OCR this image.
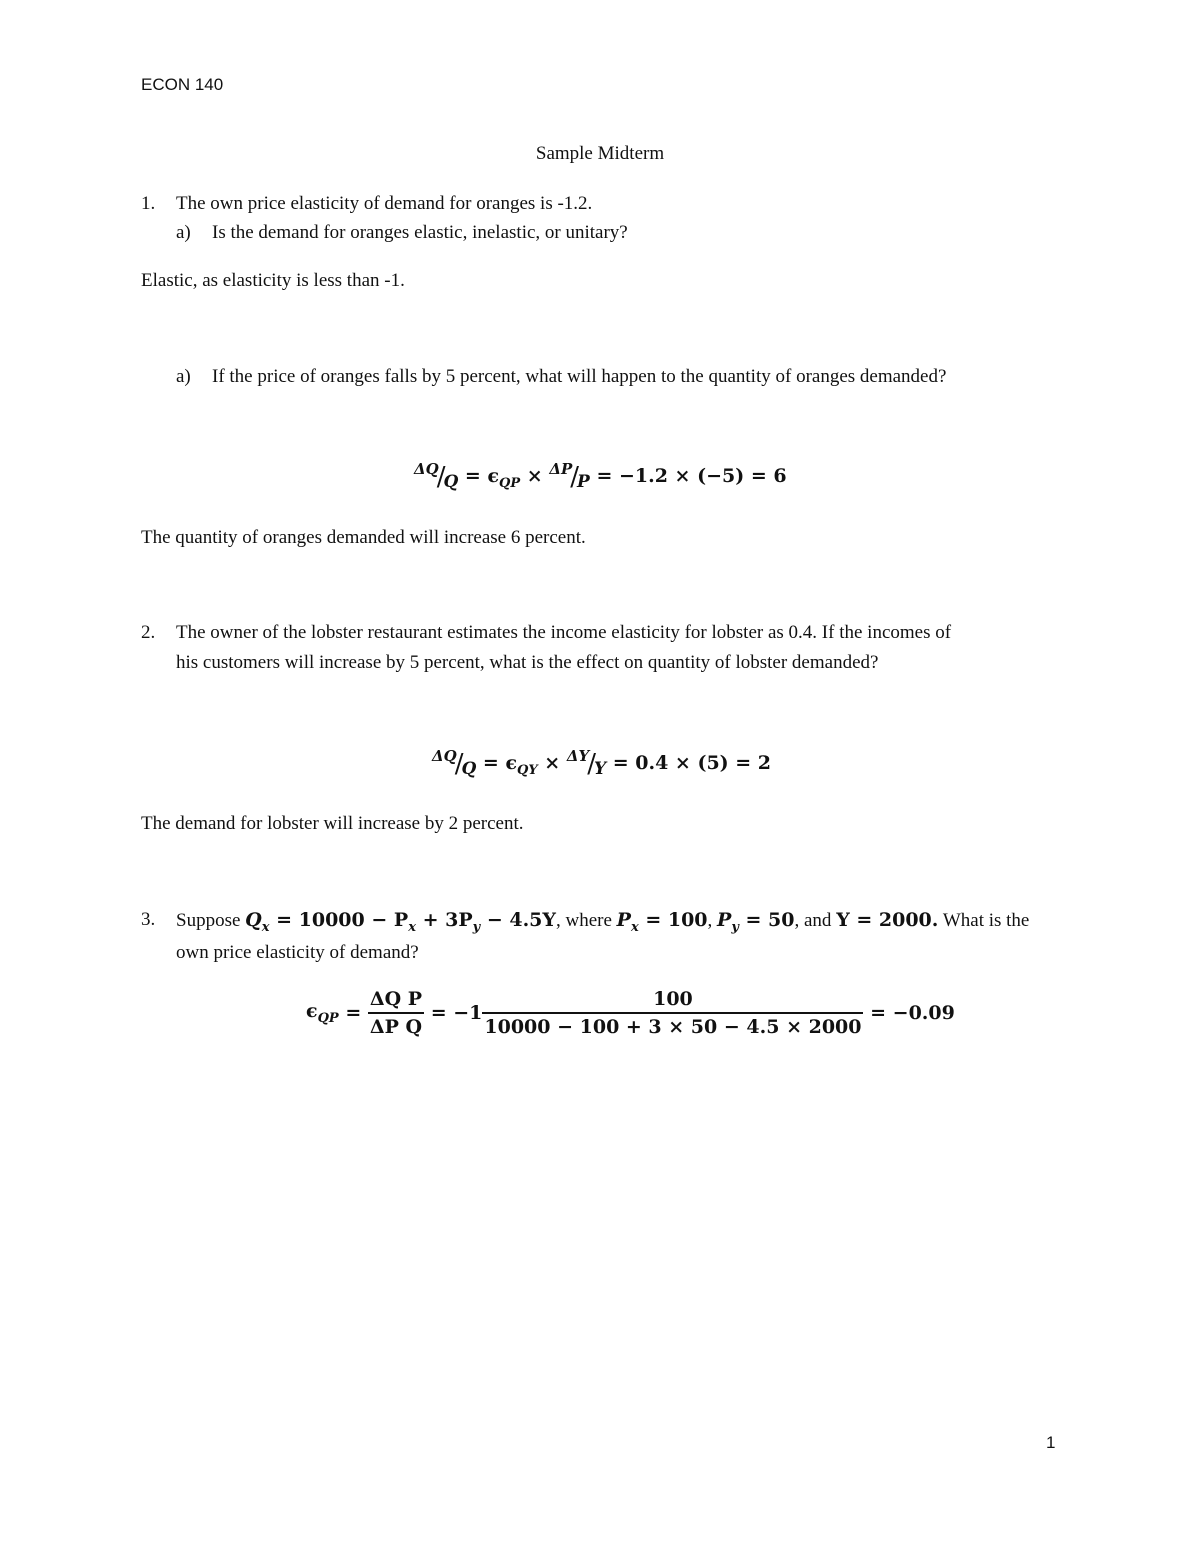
ECON 140
Sample Midterm
1. The own price elasticity of demand for oranges is -1.2.
a) Is the demand for oranges elastic, inelastic, or unitary?
Elastic, as elasticity is less than -1.
a) If the price of oranges falls by 5 percent, what will happen to the quantity of oranges demanded?
$^{\Delta Q}/Q = \epsilon_{QP} \times ^{\Delta P}/P = -1.2 \times (-5) = 6$
The quantity of oranges demanded will increase 6 percent.
2. The owner of the lobster restaurant estimates the income elasticity for lobster as 0.4. If the incomes of
his customers will increase by 5 percent, what is the effect on quantity of lobster demanded?
$^{\Delta Q}/Q = \epsilon_{QY} \times ^{\Delta Y}/Y = 0.4 \times (5) = 2$
The demand for lobster will increase by 2 percent.
3. Suppose $Q_x = 10000 - P_x + 3P_y - 4.5Y$, where $P_x = 100$, $P_y = 50$, and Y = 2000. What is the
own price elasticity of demand?
$\epsilon_{QP} = \frac{\text{ΔQ P}}{\text{ΔP Q}} = -1 \frac{100}{10000 - 100 + 3 \times 50 - 4.5 \times 2000} = -0.09$
1
